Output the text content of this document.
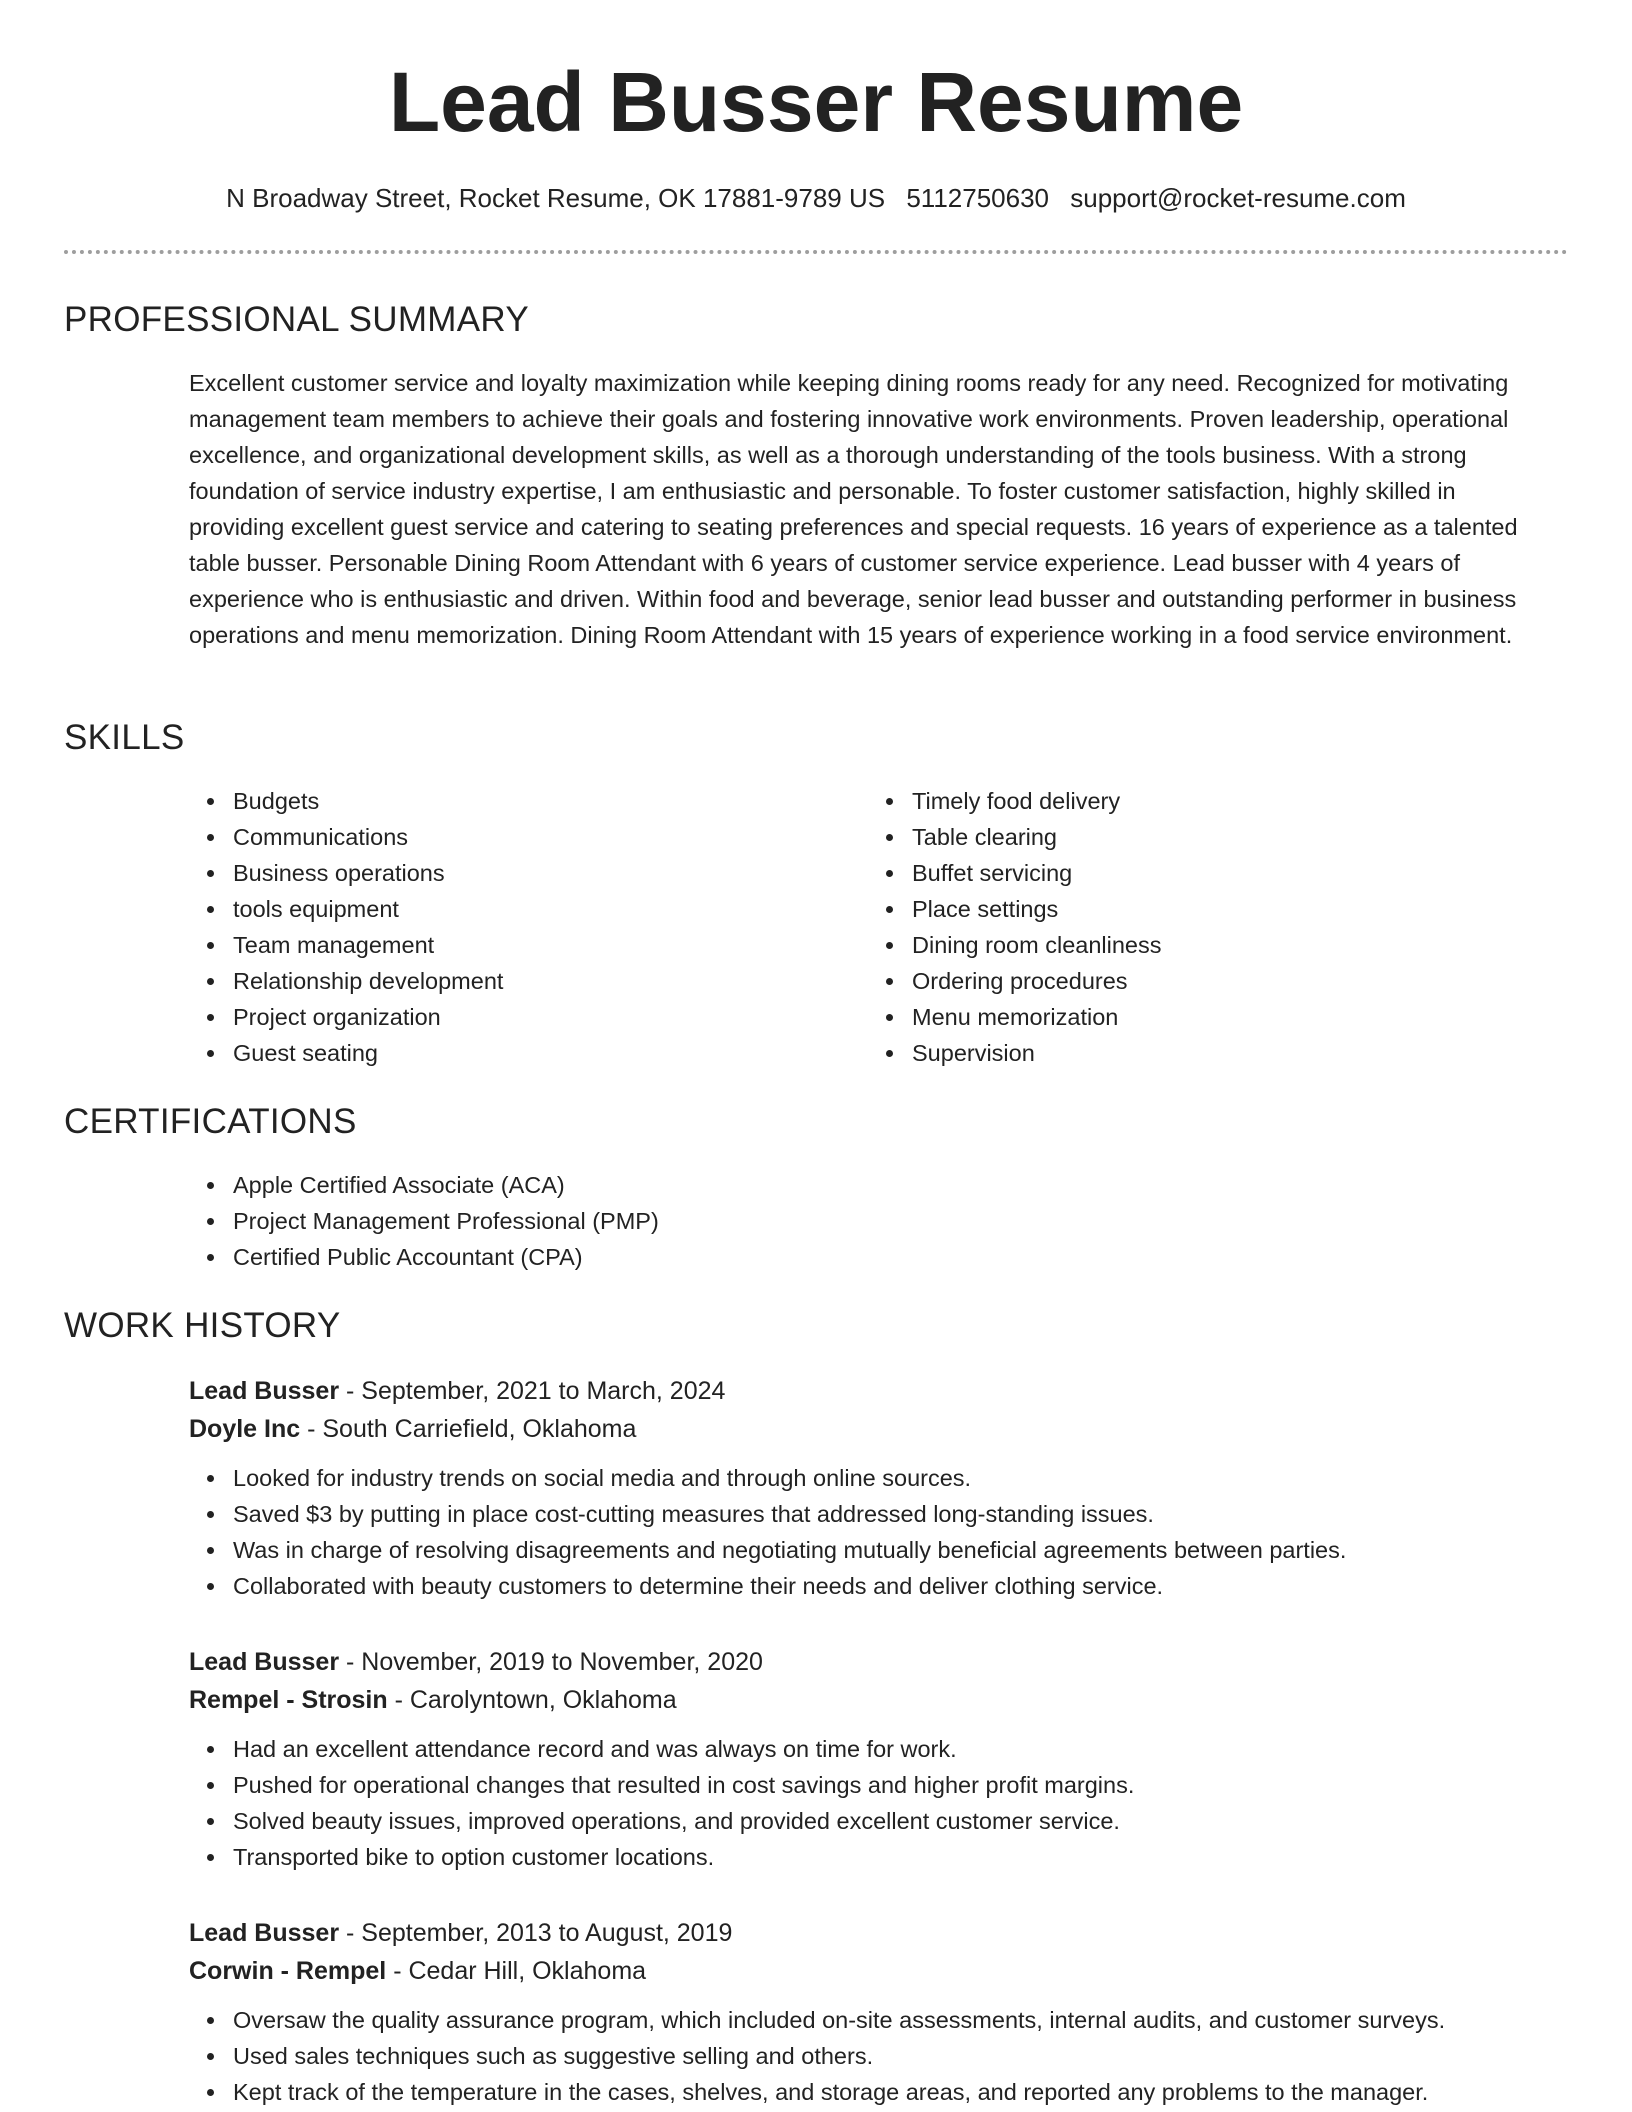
Lead Busser Resume
N Broadway Street, Rocket Resume, OK 17881-9789 US 5112750630 support@rocket-resume.com
PROFESSIONAL SUMMARY

Excellent customer service and loyalty maximization while keeping dining rooms ready for any need. Recognized for motivating management team members to achieve their goals and fostering innovative work environments. Proven leadership, operational excellence, and organizational development skills, as well as a thorough understanding of the tools business. With a strong foundation of service industry expertise, I am enthusiastic and personable. To foster customer satisfaction, highly skilled in providing excellent guest service and catering to seating preferences and special requests. 16 years of experience as a talented table busser. Personable Dining Room Attendant with 6 years of customer service experience. Lead busser with 4 years of experience who is enthusiastic and driven. Within food and beverage, senior lead busser and outstanding performer in business operations and menu memorization. Dining Room Attendant with 15 years of experience working in a food service environment.

SKILLS
Budgets
Communications
Business operations
tools equipment
Team management
Relationship development
Project organization
Guest seating
Timely food delivery
Table clearing
Buffet servicing
Place settings
Dining room cleanliness
Ordering procedures
Menu memorization
Supervision
CERTIFICATIONS
Apple Certified Associate (ACA)
Project Management Professional (PMP)
Certified Public Accountant (CPA)
WORK HISTORY
Lead Busser - September, 2021 to March, 2024
Doyle Inc - South Carriefield, Oklahoma
Looked for industry trends on social media and through online sources.
Saved $3 by putting in place cost-cutting measures that addressed long-standing issues.
Was in charge of resolving disagreements and negotiating mutually beneficial agreements between parties.
Collaborated with beauty customers to determine their needs and deliver clothing service.
Lead Busser - November, 2019 to November, 2020
Rempel - Strosin - Carolyntown, Oklahoma
Had an excellent attendance record and was always on time for work.
Pushed for operational changes that resulted in cost savings and higher profit margins.
Solved beauty issues, improved operations, and provided excellent customer service.
Transported bike to option customer locations.
Lead Busser - September, 2013 to August, 2019
Corwin - Rempel - Cedar Hill, Oklahoma
Oversaw the quality assurance program, which included on-site assessments, internal audits, and customer surveys.
Used sales techniques such as suggestive selling and others.
Kept track of the temperature in the cases, shelves, and storage areas, and reported any problems to the manager.
